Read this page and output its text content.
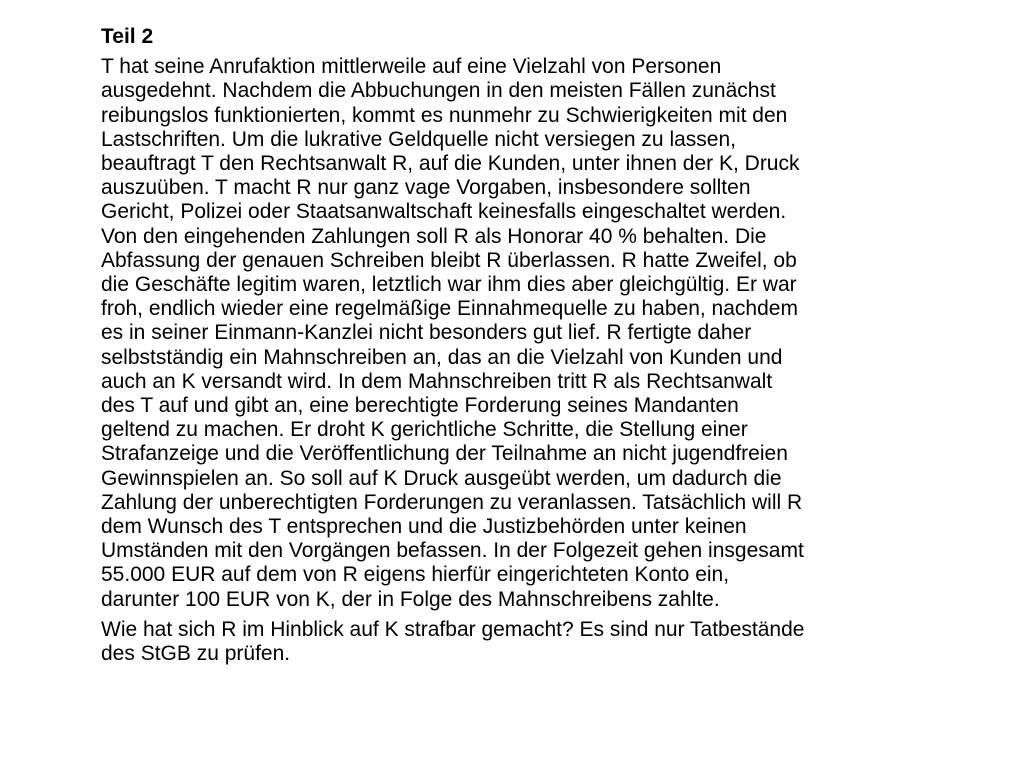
Teil 2
T hat seine Anrufaktion mittlerweile auf eine Vielzahl von Personen
ausgedehnt. Nachdem die Abbuchungen in den meisten Fällen zunächst
reibungslos funktionierten, kommt es nunmehr zu Schwierigkeiten mit den
Lastschriften. Um die lukrative Geldquelle nicht versiegen zu lassen,
beauftragt T den Rechtsanwalt R, auf die Kunden, unter ihnen der K, Druck
auszuüben. T macht R nur ganz vage Vorgaben, insbesondere sollten
Gericht, Polizei oder Staatsanwaltschaft keinesfalls eingeschaltet werden.
Von den eingehenden Zahlungen soll R als Honorar 40 % behalten. Die
Abfassung der genauen Schreiben bleibt R überlassen. R hatte Zweifel, ob
die Geschäfte legitim waren, letztlich war ihm dies aber gleichgültig. Er war
froh, endlich wieder eine regelmäßige Einnahmequelle zu haben, nachdem
es in seiner Einmann-Kanzlei nicht besonders gut lief. R fertigte daher
selbstständig ein Mahnschreiben an, das an die Vielzahl von Kunden und
auch an K versandt wird. In dem Mahnschreiben tritt R als Rechtsanwalt
des T auf und gibt an, eine berechtigte Forderung seines Mandanten
geltend zu machen. Er droht K gerichtliche Schritte, die Stellung einer
Strafanzeige und die Veröffentlichung der Teilnahme an nicht jugendfreien
Gewinnspielen an. So soll auf K Druck ausgeübt werden, um dadurch die
Zahlung der unberechtigten Forderungen zu veranlassen. Tatsächlich will R
dem Wunsch des T entsprechen und die Justizbehörden unter keinen
Umständen mit den Vorgängen befassen. In der Folgezeit gehen insgesamt
55.000 EUR auf dem von R eigens hierfür eingerichteten Konto ein,
darunter 100 EUR von K, der in Folge des Mahnschreibens zahlte.
Wie hat sich R im Hinblick auf K strafbar gemacht? Es sind nur Tatbestände
des StGB zu prüfen.
